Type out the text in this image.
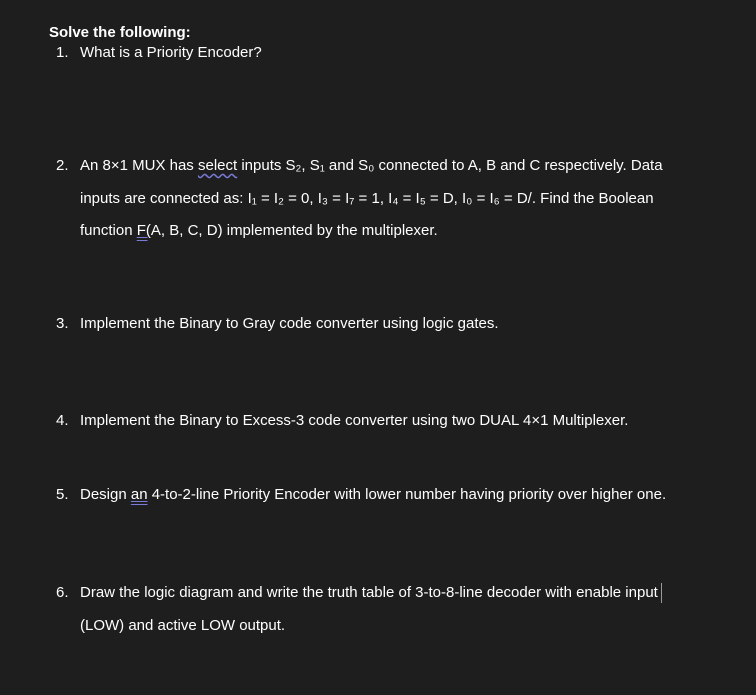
Solve the following:
1. What is a Priority Encoder?
2. An 8×1 MUX has select inputs S₂, S₁ and S₀ connected to A, B and C respectively. Data
inputs are connected as: I₁ = I₂ = 0, I₃ = I₇ = 1, I₄ = I₅ = D, I₀ = I₆ = D/. Find the Boolean
function F(A, B, C, D) implemented by the multiplexer.
3. Implement the Binary to Gray code converter using logic gates.
4. Implement the Binary to Excess-3 code converter using two DUAL 4×1 Multiplexer.
5. Design an 4-to-2-line Priority Encoder with lower number having priority over higher one.
6. Draw the logic diagram and write the truth table of 3-to-8-line decoder with enable input
(LOW) and active LOW output.
